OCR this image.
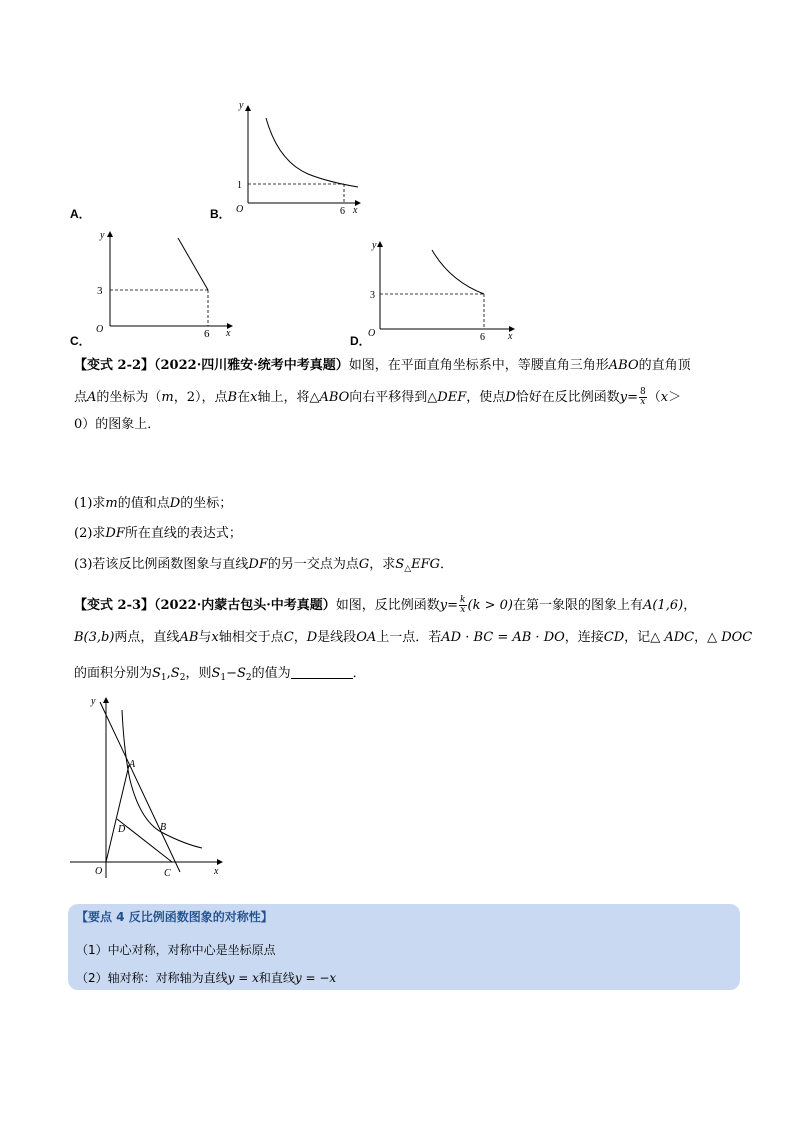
A．	B．
C．	D．
y
x
O
1
6
y
x
O
3
6
y
x
O
3
6
【变式 2-2】（2022·四川雅安·统考中考真题）如图，在平面直角坐标系中，等腰直角三角形ABO的直角顶
点A的坐标为（m，2），点B在x轴上，将△ABO向右平移得到△DEF，使点D恰好在反比例函数$y= \frac{8}{x} (x>$
0）的图象上．
(1)求m的值和点D的坐标；
(2)求DF所在直线的表达式；
(3)若该反比例函数图象与直线DF的另一交点为点G，求$S_\triangle EFG$．
【变式 2-3】（2022·内蒙古包头·中考真题）如图，反比例函数$y= \frac{k}{x} (k > 0)$在第一象限的图象上有A(1,6)，
B(3,b)两点，直线AB与x轴相交于点C，D是线段OA上一点．若AD · BC = AB · DO，连接CD，记△ ADC，△ DOC
的面积分别为$S_1,S_2$，则$S_1-S_2$的值为	．
y
x
O
A
B
C
D
【要点 4 反比例函数图象的对称性】
（1）中心对称，对称中心是坐标原点
（2）轴对称：对称轴为直线y = x和直线y = −x
